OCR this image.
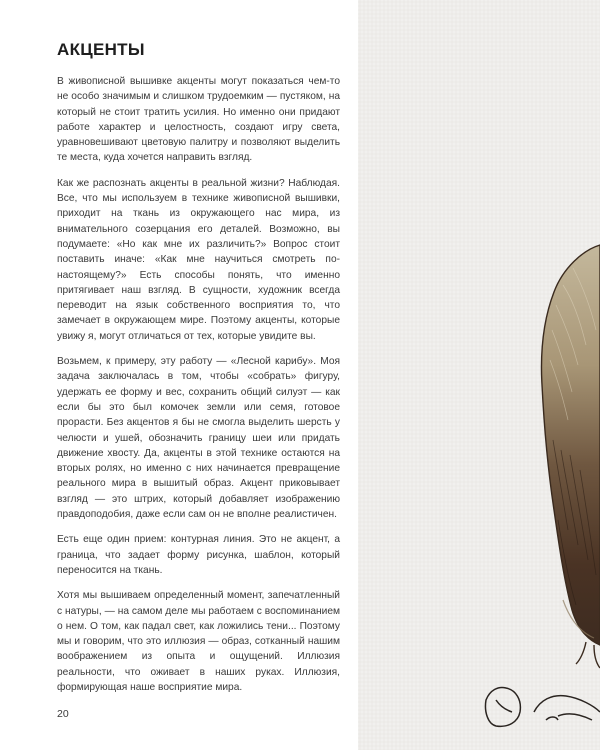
АКЦЕНТЫ

В живописной вышивке акценты могут показаться чем-то не особо значимым и слишком трудоемким — пустяком, на который не стоит тратить усилия. Но именно они придают работе характер и целостность, создают игру света, уравновешивают цветовую палитру и позволяют выделить те места, куда хочется направить взгляд.

Как же распознать акценты в реальной жизни? Наблюдая. Все, что мы используем в технике живописной вышивки, приходит на ткань из окружающего нас мира, из внимательного созерцания его деталей. Возможно, вы подумаете: «Но как мне их различить?» Вопрос стоит поставить иначе: «Как мне научиться смотреть по-настоящему?» Есть способы понять, что именно притягивает наш взгляд. В сущности, художник всегда переводит на язык собственного восприятия то, что замечает в окружающем мире. Поэтому акценты, которые увижу я, могут отличаться от тех, которые увидите вы.

Возьмем, к примеру, эту работу — «Лесной карибу». Моя задача заключалась в том, чтобы «собрать» фигуру, удержать ее форму и вес, сохранить общий силуэт — как если бы это был комочек земли или семя, готовое прорасти. Без акцентов я бы не смогла выделить шерсть у челюсти и ушей, обозначить границу шеи или придать движение хвосту. Да, акценты в этой технике остаются на вторых ролях, но именно с них начинается превращение реального мира в вышитый образ. Акцент приковывает взгляд — это штрих, который добавляет изображению правдоподобия, даже если сам он не вполне реалистичен.

Есть еще один прием: контурная линия. Это не акцент, а граница, что задает форму рисунка, шаблон, который переносится на ткань.

Хотя мы вышиваем определенный момент, запечатленный с натуры, — на самом деле мы работаем с воспоминанием о нем. О том, как падал свет, как ложились тени... Поэтому мы и говорим, что это иллюзия — образ, сотканный нашим воображением из опыта и ощущений. Иллюзия реальности, что оживает в наших руках. Иллюзия, формирующая наше восприятие мира.

20
